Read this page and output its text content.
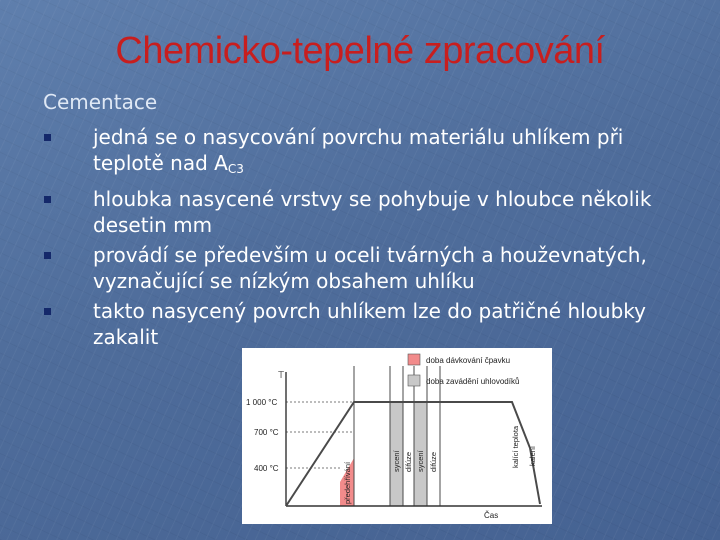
Chemicko-tepelné zpracování
Cementace
jedná se o nasycování povrchu materiálu uhlíkem při teplotě nad $A_{C3}$
hloubka nasycené vrstvy se pohybuje v hloubce několik desetin mm
provádí se především u oceli tvárných a houževnatých, vyznačující se nízkým obsahem uhlíku
takto nasycený povrch uhlíkem lze do patřičné hloubky zakalit
doba dávkování čpavku
doba zavádění uhlovodíků
T
Čas
1 000 °C
700 °C
400 °C	předehřívání
sycení difúze sycení difúze	kalící teplota kalení
